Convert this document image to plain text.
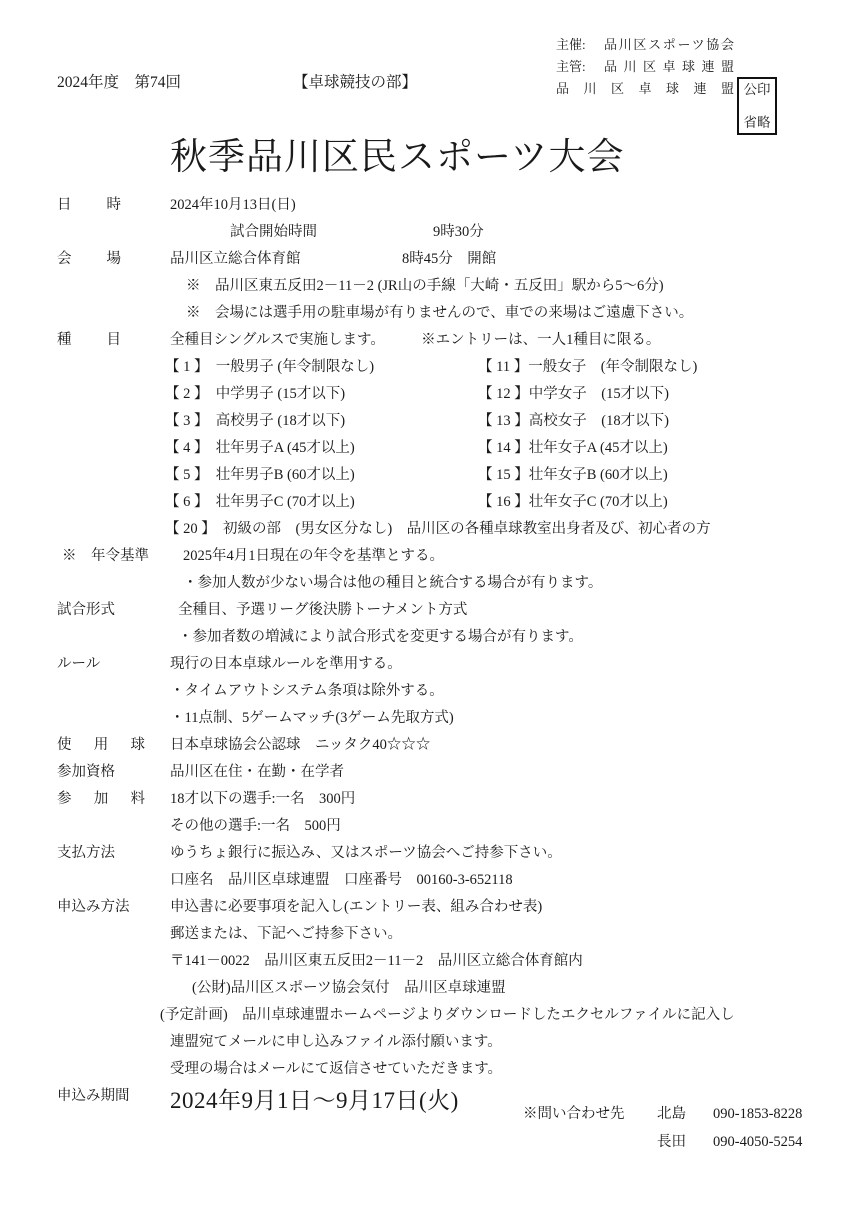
主催:	品川区スポーツ協会
主管:	品川区卓球連盟
品川区卓球連盟 公印
省略
2024年度　第74回	【卓球競技の部】
秋季品川区民スポーツ大会
日時	2024年10月13日(日)
試合開始時間　　　　　　　　9時30分
会場	品川区立総合体育館　　　　　　　8時45分　開館
※　品川区東五反田2－11－2 (JR山の手線「大崎・五反田」駅から5～6分)
※　会場には選手用の駐車場が有りませんので、車での来場はご遠慮下さい。
種目	全種目シングルスで実施します。　　　※エントリーは、一人1種目に限る。
【 1 】　一般男子 (年令制限なし)	【 11 】一般女子　(年令制限なし)
【 2 】　中学男子 (15才以下)	【 12 】中学女子　(15才以下)
【 3 】　高校男子 (18才以下)	【 13 】高校女子　(18才以下)
【 4 】　壮年男子A (45才以上)	【 14 】壮年女子A (45才以上)
【 5 】　壮年男子B (60才以上)	【 15 】壮年女子B (60才以上)
【 6 】　壮年男子C (70才以上)	【 16 】壮年女子C (70才以上)
【 20 】　初級の部　(男女区分なし)　品川区の各種卓球教室出身者及び、初心者の方
※　年令基準	2025年4月1日現在の年令を基準とする。
・参加人数が少ない場合は他の種目と統合する場合が有ります。
試合形式	全種目、予選リーグ後決勝トーナメント方式
・参加者数の増減により試合形式を変更する場合が有ります。
ルール	現行の日本卓球ルールを準用する。
・タイムアウトシステム条項は除外する。
・11点制、5ゲームマッチ(3ゲーム先取方式)
使用球	日本卓球協会公認球　ニッタク40☆☆☆
参加資格	品川区在住・在勤・在学者
参加料	18才以下の選手:一名　300円
その他の選手:一名　500円
支払方法	ゆうちょ銀行に振込み、又はスポーツ協会へご持参下さい。
口座名　品川区卓球連盟　口座番号　00160-3-652118
申込み方法	申込書に必要事項を記入し(エントリー表、組み合わせ表)
郵送または、下記へご持参下さい。
〒141－0022　品川区東五反田2－11－2　品川区立総合体育館内
(公財)品川区スポーツ協会気付　品川区卓球連盟
(予定計画)　品川卓球連盟ホームページよりダウンロードしたエクセルファイルに記入し
連盟宛てメールに申し込みファイル添付願います。
受理の場合はメールにて返信させていただきます。
申込み期間	2024年9月1日～9月17日(火)
※問い合わせ先	北島	090-1853-8228
長田	090-4050-5254
